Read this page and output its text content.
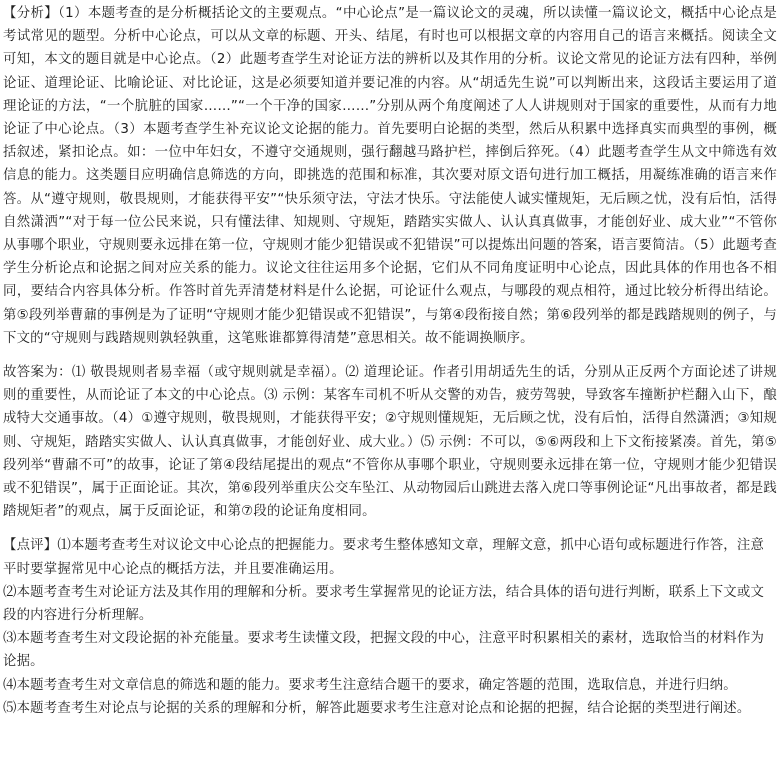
【分析】（1）本题考查的是分析概括论文的主要观点。“中心论点”是一篇议论文的灵魂，所以读懂一篇议论文，概括中心论点是考试常见的题型。分析中心论点，可以从文章的标题、开头、结尾，有时也可以根据文章的内容用自己的语言来概括。阅读全文可知，本文的题目就是中心论点。（2）此题考查学生对论证方法的辨析以及其作用的分析。议论文常见的论证方法有四种，举例论证、道理论证、比喻论证、对比论证，这是必须要知道并要记准的内容。从“胡适先生说”可以判断出来，这段话主要运用了道理论证的方法，“一个肮脏的国家……”“一个干净的国家……”分别从两个角度阐述了人人讲规则对于国家的重要性，从而有力地论证了中心论点。（3）本题考查学生补充议论文论据的能力。首先要明白论据的类型，然后从积累中选择真实而典型的事例，概括叙述，紧扣论点。如：一位中年妇女，不遵守交通规则，强行翻越马路护栏，摔倒后猝死。（4）此题考查学生从文中筛选有效信息的能力。这类题目应明确信息筛选的方向，即挑选的范围和标准，其次要对原文语句进行加工概括，用凝练准确的语言来作答。从“遵守规则，敬畏规则，才能获得平安”“快乐须守法，守法才快乐。守法能使人诚实懂规矩，无后顾之忧，没有后怕，活得自然潇洒”“对于每一位公民来说，只有懂法律、知规则、守规矩，踏踏实实做人、认认真真做事，才能创好业、成大业”“不管你从事哪个职业，守规则要永远排在第一位，守规则才能少犯错误或不犯错误”可以提炼出问题的答案，语言要简洁。（5）此题考查学生分析论点和论据之间对应关系的能力。议论文往往运用多个论据，它们从不同角度证明中心论点，因此具体的作用也各不相同，要结合内容具体分析。作答时首先弄清楚材料是什么论据，可论证什么观点，与哪段的观点相符，通过比较分析得出结论。第⑤段列举曹鼐的事例是为了证明“守规则才能少犯错误或不犯错误”，与第④段衔接自然；第⑥段列举的都是践踏规则的例子，与下文的“守规则与践踏规则孰轻孰重，这笔账谁都算得清楚”意思相关。故不能调换顺序。

故答案为：⑴ 敬畏规则者易幸福（或守规则就是幸福）。⑵ 道理论证。作者引用胡适先生的话，分别从正反两个方面论述了讲规则的重要性，从而论证了本文的中心论点。⑶ 示例：某客车司机不听从交警的劝告，疲劳驾驶，导致客车撞断护栏翻入山下，酿成特大交通事故。（4）①遵守规则，敬畏规则，才能获得平安；②守规则懂规矩，无后顾之忧，没有后怕，活得自然潇洒；③知规则、守规矩，踏踏实实做人、认认真真做事，才能创好业、成大业。）⑸ 示例：不可以，⑤⑥两段和上下文衔接紧凑。首先，第⑤段列举“曹鼐不可”的故事，论证了第④段结尾提出的观点“不管你从事哪个职业，守规则要永远排在第一位，守规则才能少犯错误或不犯错误”，属于正面论证。其次，第⑥段列举重庆公交车坠江、从动物园后山跳进去落入虎口等事例论证“凡出事故者，都是践踏规矩者”的观点，属于反面论证，和第⑦段的论证角度相同。

【点评】⑴本题考查考生对议论文中心论点的把握能力。要求考生整体感知文章，理解文意，抓中心语句或标题进行作答，注意平时要掌握常见中心论点的概括方法，并且要准确运用。

⑵本题考查考生对论证方法及其作用的理解和分析。要求考生掌握常见的论证方法，结合具体的语句进行判断，联系上下文或文段的内容进行分析理解。

⑶本题考查考生对文段论据的补充能量。要求考生读懂文段，把握文段的中心，注意平时积累相关的素材，选取恰当的材料作为论据。

⑷本题考查考生对文章信息的筛选和题的能力。要求考生注意结合题干的要求，确定答题的范围，选取信息，并进行归纳。

⑸本题考查考生对论点与论据的关系的理解和分析，解答此题要求考生注意对论点和论据的把握，结合论据的类型进行阐述。
